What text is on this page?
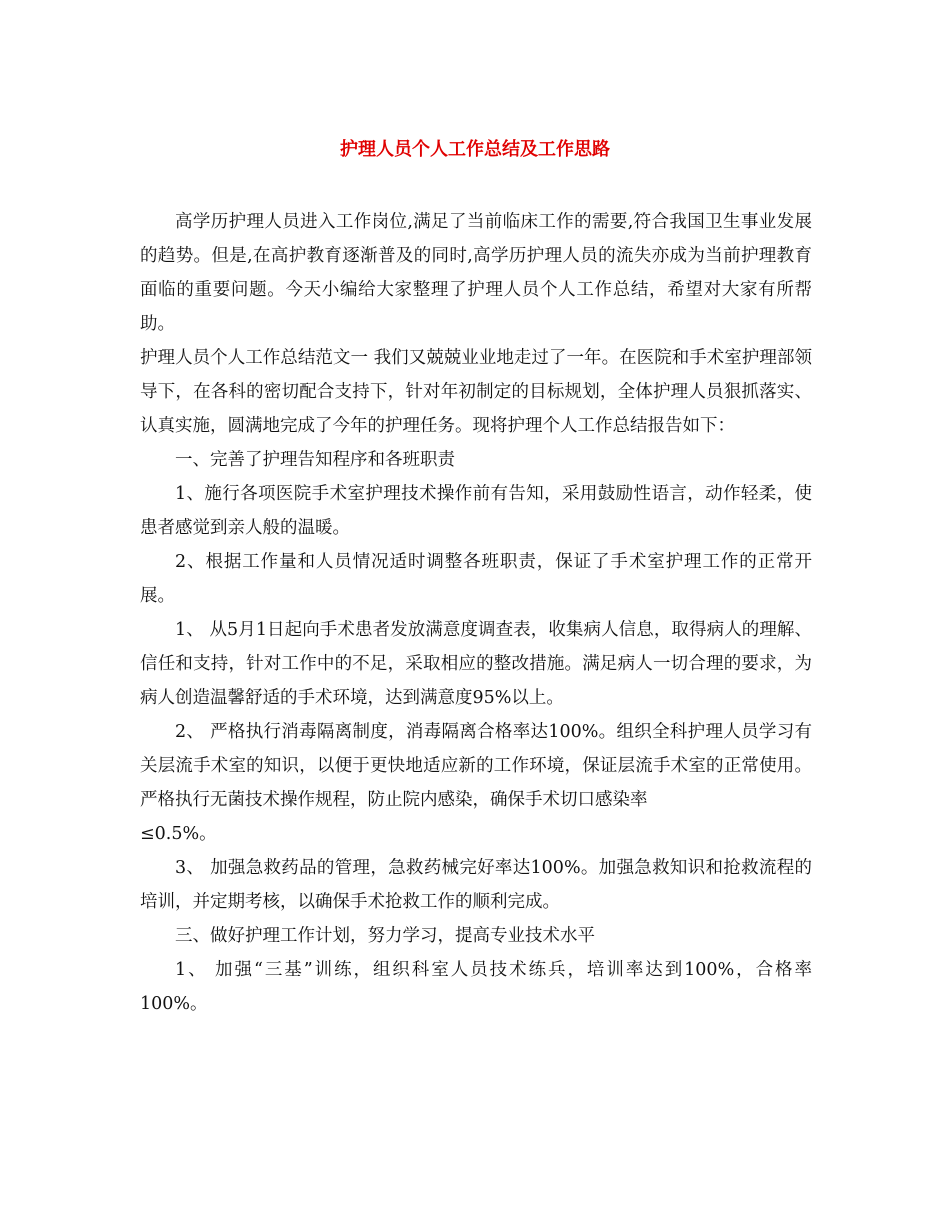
护理人员个人工作总结及工作思路

高学历护理人员进入工作岗位,满足了当前临床工作的需要,符合我国卫生事业发展的趋势。但是,在高护教育逐渐普及的同时,高学历护理人员的流失亦成为当前护理教育面临的重要问题。今天小编给大家整理了护理人员个人工作总结，希望对大家有所帮助。

护理人员个人工作总结范文一 我们又兢兢业业地走过了一年。在医院和手术室护理部领导下，在各科的密切配合支持下，针对年初制定的目标规划，全体护理人员狠抓落实、认真实施，圆满地完成了今年的护理任务。现将护理个人工作总结报告如下：

一、完善了护理告知程序和各班职责

1、施行各项医院手术室护理技术操作前有告知，采用鼓励性语言，动作轻柔，使患者感觉到亲人般的温暖。

2、根据工作量和人员情况适时调整各班职责，保证了手术室护理工作的正常开展。

1、 从5月1日起向手术患者发放满意度调查表，收集病人信息，取得病人的理解、信任和支持，针对工作中的不足，采取相应的整改措施。满足病人一切合理的要求，为病人创造温馨舒适的手术环境，达到满意度95%以上。

2、 严格执行消毒隔离制度，消毒隔离合格率达100%。组织全科护理人员学习有关层流手术室的知识，以便于更快地适应新的工作环境，保证层流手术室的正常使用。严格执行无菌技术操作规程，防止院内感染，确保手术切口感染率

≤0.5%。

3、 加强急救药品的管理，急救药械完好率达100%。加强急救知识和抢救流程的培训，并定期考核，以确保手术抢救工作的顺利完成。

三、做好护理工作计划，努力学习，提高专业技术水平

1、 加强“三基”训练，组织科室人员技术练兵，培训率达到100%，合格率100%。
